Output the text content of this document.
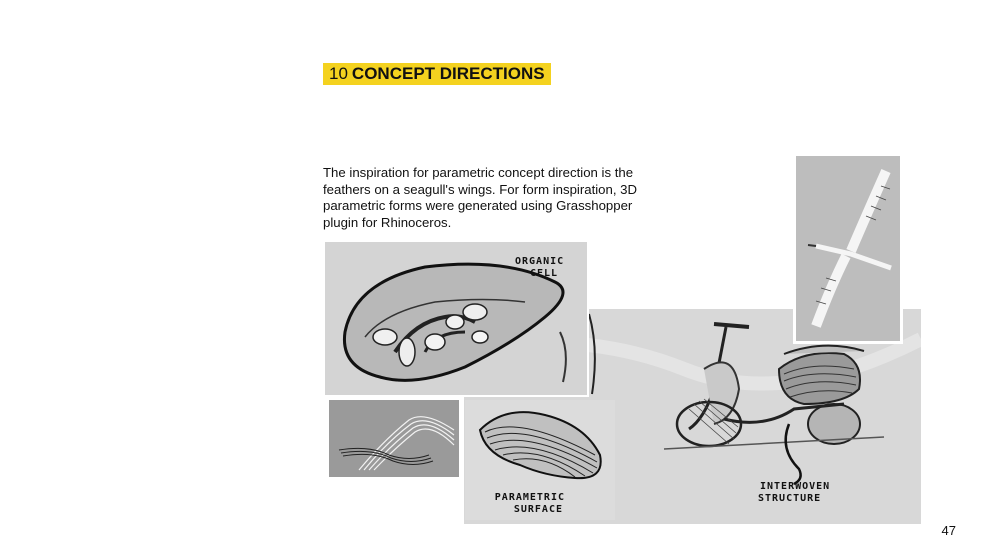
10 CONCEPT DIRECTIONS

The inspiration for parametric concept direction is the feathers on a seagull's wings. For form inspiration, 3D parametric forms were generated using Grasshopper plugin for Rhinoceros.

INTERWOVEN
STRUCTURE
ORGANIC
CELL
PARAMETRIC
SURFACE
47
